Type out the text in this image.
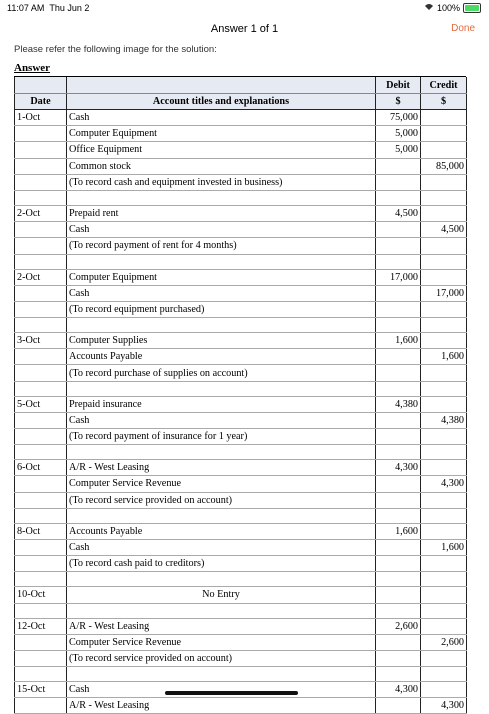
11:07 AM Thu Jun 2	100%
Answer 1 of 1	Done
Please refer the following image for the solution:
Answer
		Debit	Credit
Date	Account titles and explanations	$	$
1-Oct	Cash	75,000	
	Computer Equipment	5,000	
	Office Equipment	5,000	
	Common stock		85,000
	(To record cash and equipment invested in business)		

2-Oct	Prepaid rent	4,500	
	Cash		4,500
	(To record payment of rent for 4 months)		

2-Oct	Computer Equipment	17,000	
	Cash		17,000
	(To record equipment purchased)		

3-Oct	Computer Supplies	1,600	
	Accounts Payable		1,600
	(To record purchase of supplies on account)		

5-Oct	Prepaid insurance	4,380	
	Cash		4,380
	(To record payment of insurance for 1 year)		

6-Oct	A/R - West Leasing	4,300	
	Computer Service Revenue		4,300
	(To record service provided on account)		

8-Oct	Accounts Payable	1,600	
	Cash		1,600
	(To record cash paid to creditors)		

10-Oct	No Entry		

12-Oct	A/R - West Leasing	2,600	
	Computer Service Revenue		2,600
	(To record service provided on account)		

15-Oct	Cash	4,300	
	A/R - West Leasing		4,300
